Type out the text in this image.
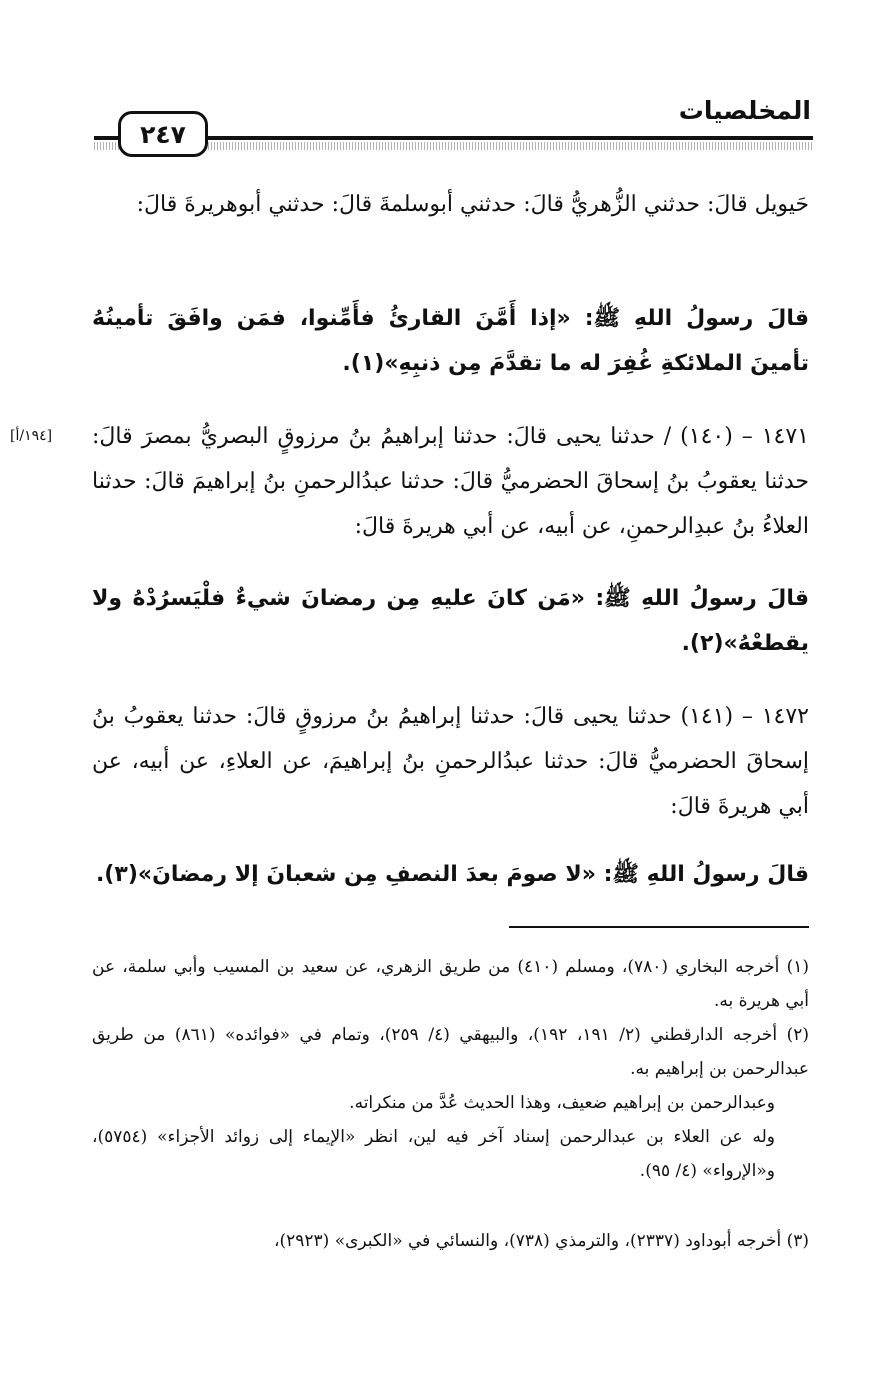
المخلصيات
٢٤٧
[١٩٤/أ]
حَيويل قالَ: حدثني الزُّهريُّ قالَ: حدثني أبوسلمةَ قالَ: حدثني أبوهريرةَ قالَ:
قالَ رسولُ اللهِ ﷺ: «إذا أَمَّنَ القارئُ فأَمِّنوا، فمَن وافَقَ تأمينُهُ تأمينَ الملائكةِ غُفِرَ له ما تقدَّمَ مِن ذنبِهِ»(١).
١٤٧١ – (١٤٠) / حدثنا يحيى قالَ: حدثنا إبراهيمُ بنُ مرزوقٍ البصريُّ بمصرَ قالَ: حدثنا يعقوبُ بنُ إسحاقَ الحضرميُّ قالَ: حدثنا عبدُالرحمنِ بنُ إبراهيمَ قالَ: حدثنا العلاءُ بنُ عبدِالرحمنِ، عن أبيه، عن أبي هريرةَ قالَ:
قالَ رسولُ اللهِ ﷺ: «مَن كانَ عليهِ مِن رمضانَ شيءٌ فلْيَسرُدْهُ ولا يقطعْهُ»(٢).
١٤٧٢ – (١٤١) حدثنا يحيى قالَ: حدثنا إبراهيمُ بنُ مرزوقٍ قالَ: حدثنا يعقوبُ بنُ إسحاقَ الحضرميُّ قالَ: حدثنا عبدُالرحمنِ بنُ إبراهيمَ، عن العلاءِ، عن أبيه، عن أبي هريرةَ قالَ:
قالَ رسولُ اللهِ ﷺ: «لا صومَ بعدَ النصفِ مِن شعبانَ إلا رمضانَ»(٣).
(١) أخرجه البخاري (٧٨٠)، ومسلم (٤١٠) من طريق الزهري، عن سعيد بن المسيب وأبي سلمة، عن أبي هريرة به.
(٢) أخرجه الدارقطني (٢/ ١٩١، ١٩٢)، والبيهقي (٤/ ٢٥٩)، وتمام في «فوائده» (٨٦١) من طريق عبدالرحمن بن إبراهيم به.
وعبدالرحمن بن إبراهيم ضعيف، وهذا الحديث عُدَّ من منكراته.
وله عن العلاء بن عبدالرحمن إسناد آخر فيه لين، انظر «الإيماء إلى زوائد الأجزاء» (٥٧٥٤)، و«الإرواء» (٤/ ٩٥).
(٣) أخرجه أبوداود (٢٣٣٧)، والترمذي (٧٣٨)، والنسائي في «الكبرى» (٢٩٢٣)،
